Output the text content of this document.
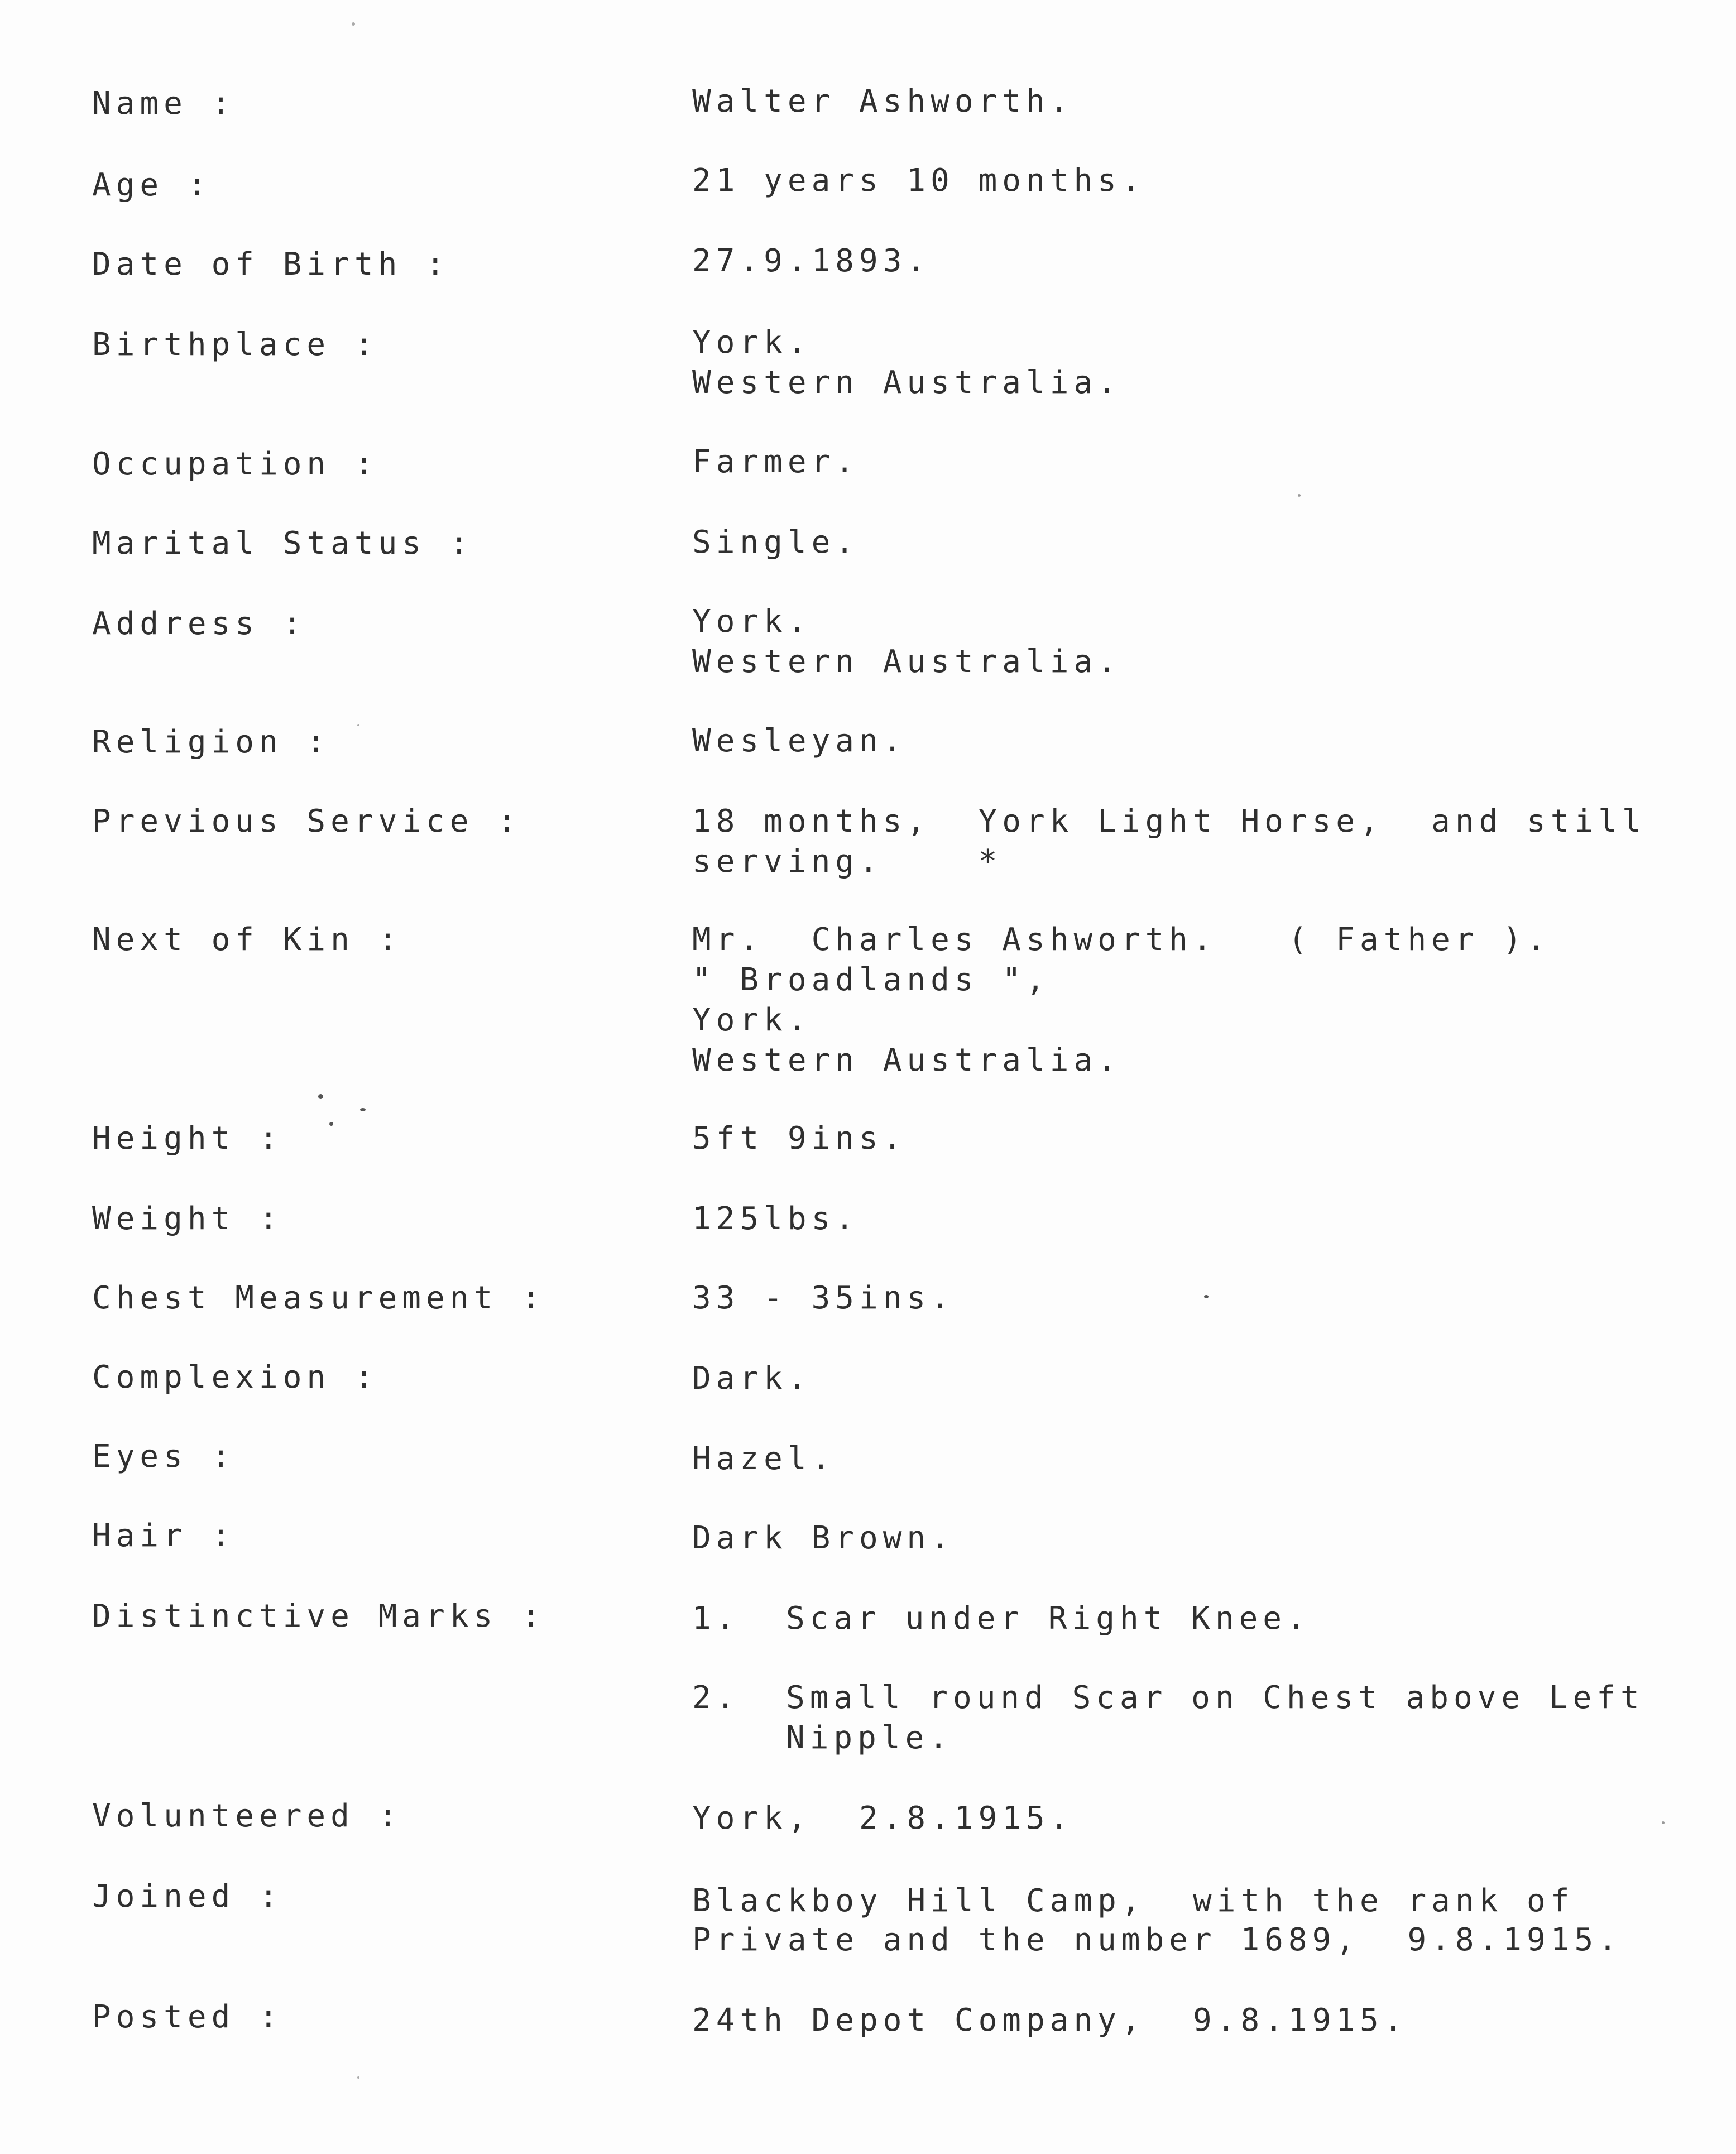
Name :	Walter Ashworth.
Age :	21 years 10 months.
Date of Birth :	27.9.1893.
Birthplace :	York.
Western Australia.
Occupation :	Farmer.
Marital Status :	Single.
Address :	York.
Western Australia.
Religion :	Wesleyan.
Previous Service :	18 months,  York Light Horse,  and still
serving.    *
Next of Kin :	Mr.  Charles Ashworth.   ( Father ).
" Broadlands ",
York.
Western Australia.
Height :	5ft 9ins.
Weight :	125lbs.
Chest Measurement :	33 - 35ins.
Complexion :	Dark.
Eyes :	Hazel.
Hair :	Dark Brown.
Distinctive Marks :	1. Scar under Right Knee.
2. Small round Scar on Chest above Left
Nipple.
Volunteered :	York,  2.8.1915.
Joined :	Blackboy Hill Camp,  with the rank of
Private and the number 1689,  9.8.1915.
Posted :	24th Depot Company,  9.8.1915.
